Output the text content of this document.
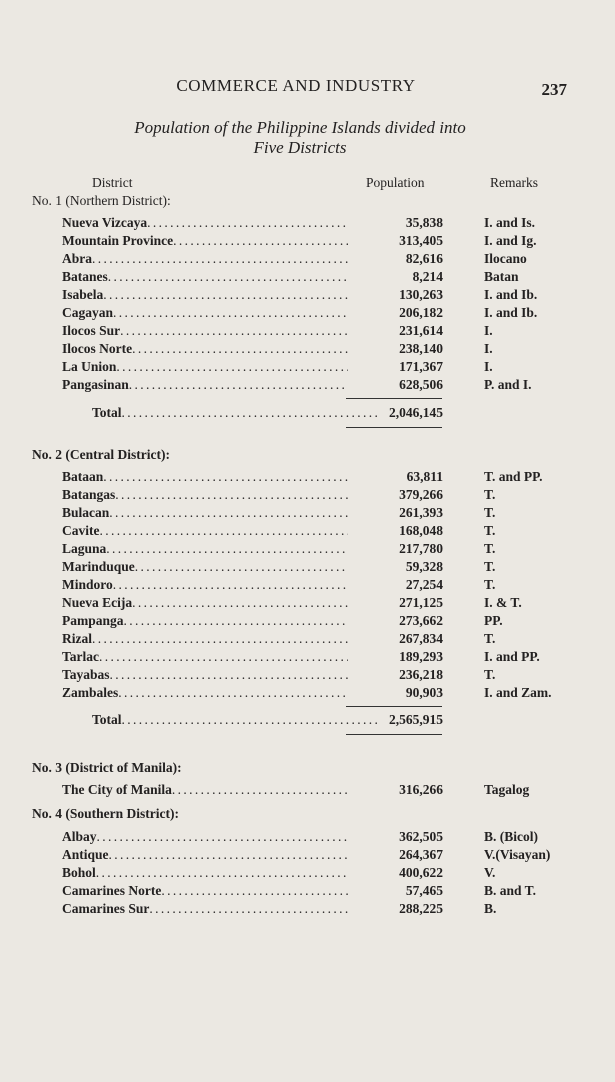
COMMERCE AND INDUSTRY	237
Population of the Philippine Islands divided into
Five Districts
District	Population	Remarks
No. 1 (Northern District):
Nueva Vizcaya . . .	35,838	I. and Is.
Mountain Province . . .	313,405	I. and Ig.
Abra . . .	82,616	Ilocano
Batanes . . .	8,214	Batan
Isabela . . .	130,263	I. and Ib.
Cagayan . . .	206,182	I. and Ib.
Ilocos Sur . . .	231,614	I.
Ilocos Norte . . .	238,140	I.
La Union . . .	171,367	I.
Pangasinan . . .	628,506	P. and I.
Total . . .	2,046,145
No. 2 (Central District):
Bataan . . .	63,811	T. and PP.
Batangas . . .	379,266	T.
Bulacan . . .	261,393	T.
Cavite . . .	168,048	T.
Laguna . . .	217,780	T.
Marinduque . . .	59,328	T.
Mindoro . . .	27,254	T.
Nueva Ecija . . .	271,125	I. & T.
Pampanga . . .	273,662	PP.
Rizal . . .	267,834	T.
Tarlac . . .	189,293	I. and PP.
Tayabas . . .	236,218	T.
Zambales . . .	90,903	I. and Zam.
Total . . .	2,565,915
No. 3 (District of Manila):
The City of Manila . . .	316,266	Tagalog
No. 4 (Southern District):
Albay . . .	362,505	B. (Bicol)
Antique . . .	264,367	V.(Visayan)
Bohol . . .	400,622	V.
Camarines Norte . . .	57,465	B. and T.
Camarines Sur . . .	288,225	B.
